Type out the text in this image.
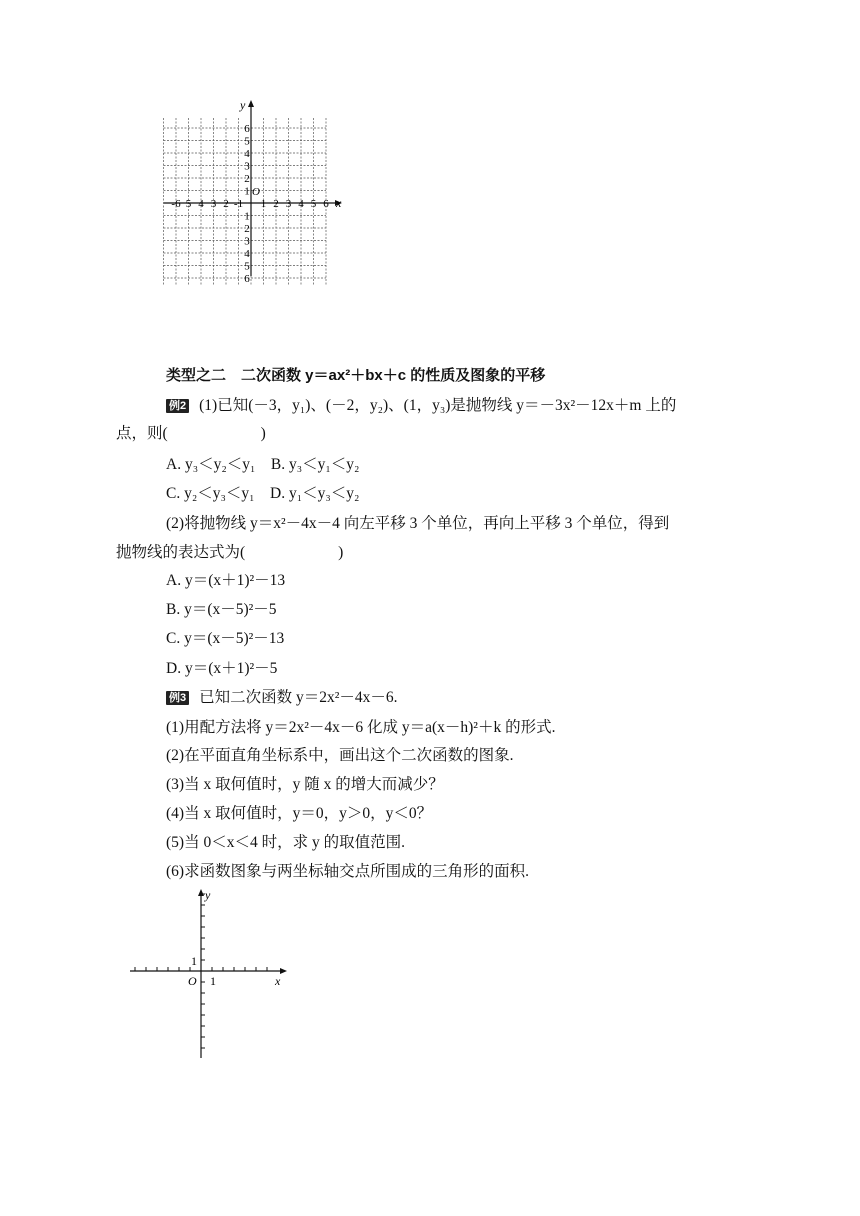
x
y
O
-6 5 4 3 2 -1 1 2 3 4 5 6
6
5
4
3
2
1
1
2
3
4
5
6
类型之二　二次函数 y＝ax²＋bx＋c 的性质及图象的平移
例2 (1)已知(－3，y₁)、(－2，y₂)、(1，y₃)是抛物线 y＝－3x²－12x＋m 上的
点，则(　　　　　　)
A. y₃＜y₂＜y₁　B. y₃＜y₁＜y₂
C. y₂＜y₃＜y₁　D. y₁＜y₃＜y₂
(2)将抛物线 y＝x²－4x－4 向左平移 3 个单位，再向上平移 3 个单位，得到
抛物线的表达式为(　　　　　　)
A. y＝(x＋1)²－13
B. y＝(x－5)²－5
C. y＝(x－5)²－13
D. y＝(x＋1)²－5
例3 已知二次函数 y＝2x²－4x－6.
(1)用配方法将 y＝2x²－4x－6 化成 y＝a(x－h)²＋k 的形式.
(2)在平面直角坐标系中，画出这个二次函数的图象.
(3)当 x 取何值时，y 随 x 的增大而减少？
(4)当 x 取何值时，y＝0，y＞0，y＜0？
(5)当 0＜x＜4 时，求 y 的取值范围.
(6)求函数图象与两坐标轴交点所围成的三角形的面积.
x
y
O 1
1
